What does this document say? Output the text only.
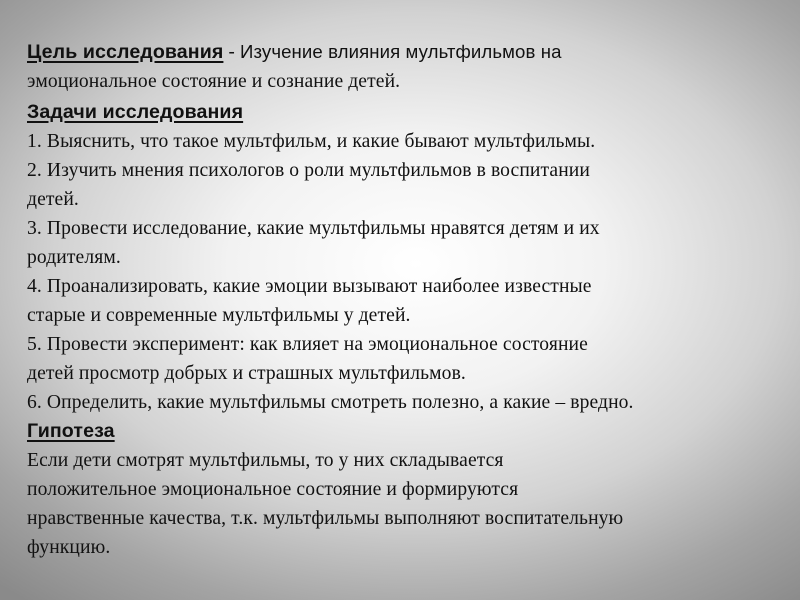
Цель исследования - Изучение влияния мультфильмов на
эмоциональное состояние и сознание детей.
Задачи исследования
1. Выяснить, что такое мультфильм, и какие бывают мультфильмы.
2. Изучить мнения психологов о роли мультфильмов в воспитании
детей.
3. Провести исследование, какие мультфильмы нравятся детям и их
родителям.
4. Проанализировать, какие эмоции вызывают наиболее известные
старые и современные мультфильмы у детей.
5. Провести эксперимент: как влияет на эмоциональное состояние
детей просмотр добрых и страшных мультфильмов.
6. Определить, какие мультфильмы смотреть полезно, а какие – вредно.
Гипотеза
Если дети смотрят мультфильмы, то у них складывается
положительное эмоциональное состояние и формируются
нравственные качества, т.к. мультфильмы выполняют воспитательную
функцию.
